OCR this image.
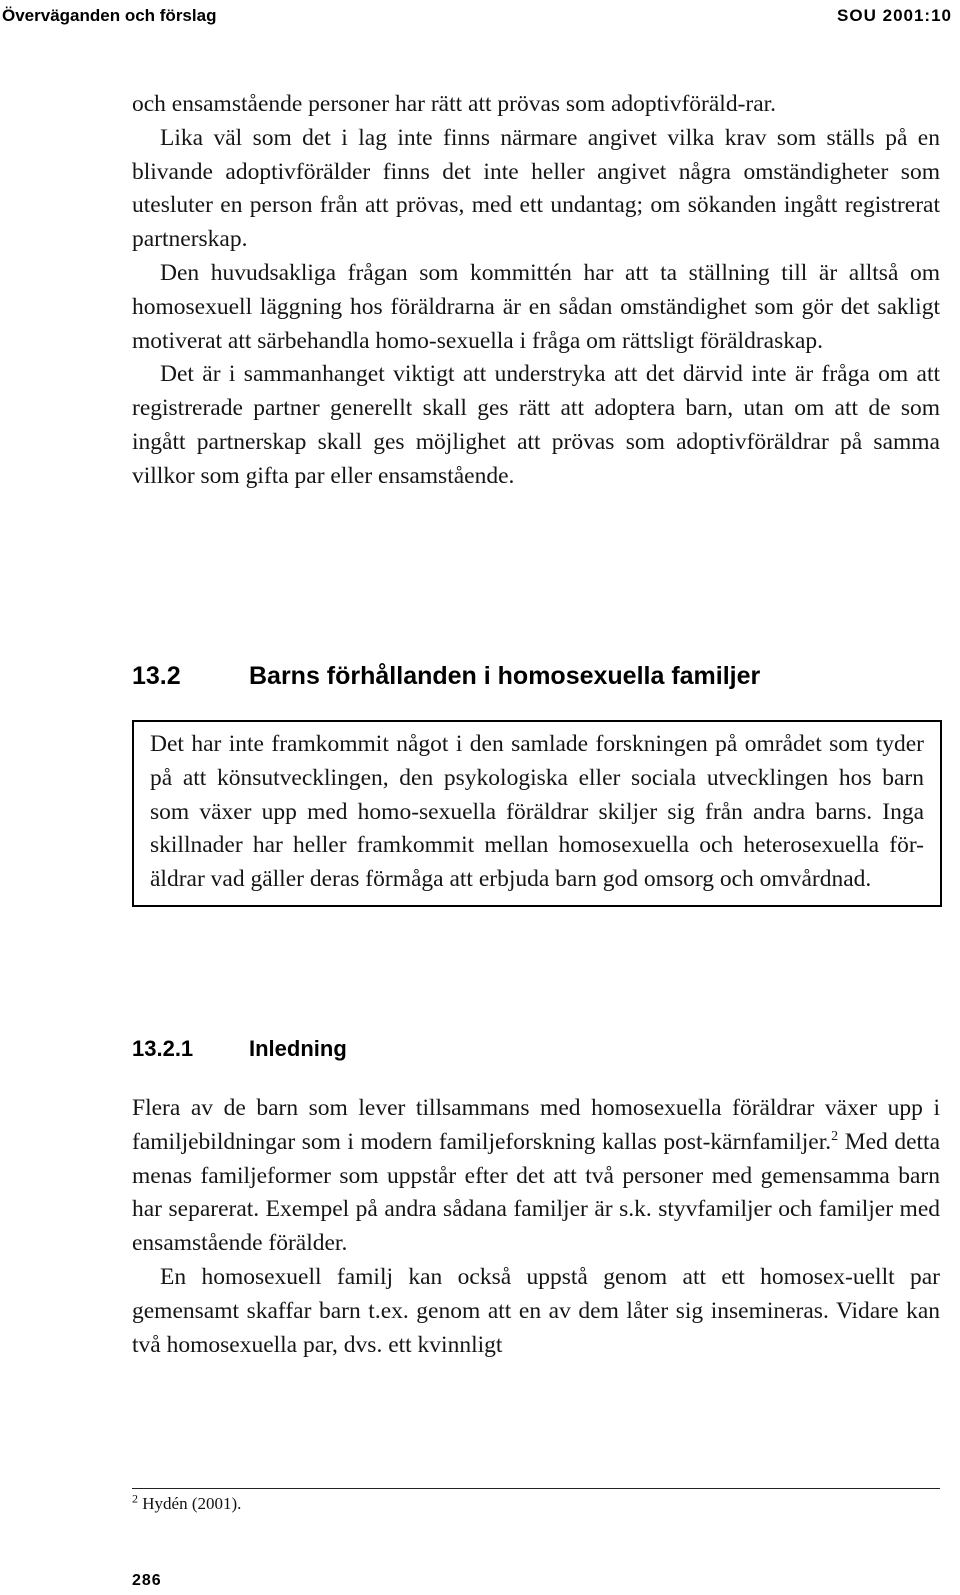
Överväganden och förslag	SOU 2001:10

och ensamstående personer har rätt att prövas som adoptivföräld-rar.

Lika väl som det i lag inte finns närmare angivet vilka krav som ställs på en blivande adoptivförälder finns det inte heller angivet några omständigheter som utesluter en person från att prövas, med ett undantag; om sökanden ingått registrerat partnerskap.

Den huvudsakliga frågan som kommittén har att ta ställning till är alltså om homosexuell läggning hos föräldrarna är en sådan omständighet som gör det sakligt motiverat att särbehandla homo-sexuella i fråga om rättsligt föräldraskap.

Det är i sammanhanget viktigt att understryka att det därvid inte är fråga om att registrerade partner generellt skall ges rätt att adoptera barn, utan om att de som ingått partnerskap skall ges möjlighet att prövas som adoptivföräldrar på samma villkor som gifta par eller ensamstående.

13.2	Barns förhållanden i homosexuella familjer

Det har inte framkommit något i den samlade forskningen på området som tyder på att könsutvecklingen, den psykologiska eller sociala utvecklingen hos barn som växer upp med homo-sexuella föräldrar skiljer sig från andra barns. Inga skillnader har heller framkommit mellan homosexuella och heterosexuella för-äldrar vad gäller deras förmåga att erbjuda barn god omsorg och omvårdnad.

13.2.1	Inledning

Flera av de barn som lever tillsammans med homosexuella föräldrar växer upp i familjebildningar som i modern familjeforskning kallas post-kärnfamiljer.$^2$ Med detta menas familjeformer som uppstår efter det att två personer med gemensamma barn har separerat. Exempel på andra sådana familjer är s.k. styvfamiljer och familjer med ensamstående förälder.

En homosexuell familj kan också uppstå genom att ett homosex-uellt par gemensamt skaffar barn t.ex. genom att en av dem låter sig insemineras. Vidare kan två homosexuella par, dvs. ett kvinnligt

$^2$ Hydén (2001).
286
